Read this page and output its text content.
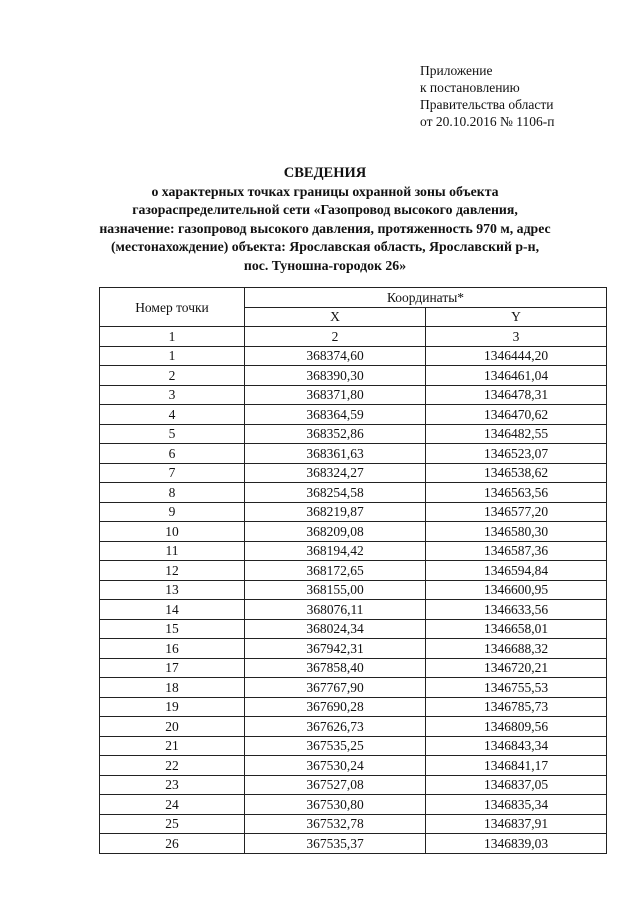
Приложение
к постановлению
Правительства области
от 20.10.2016 № 1106-п
СВЕДЕНИЯ
о характерных точках границы охранной зоны объекта
газораспределительной сети «Газопровод высокого давления,
назначение: газопровод высокого давления, протяженность 970 м, адрес
(местонахождение) объекта: Ярославская область, Ярославский р-н,
пос. Туношна-городок 26»
Номер точки	Координаты*	
	X	Y
1	2	3
1	368374,60	1346444,20
2	368390,30	1346461,04
3	368371,80	1346478,31
4	368364,59	1346470,62
5	368352,86	1346482,55
6	368361,63	1346523,07
7	368324,27	1346538,62
8	368254,58	1346563,56
9	368219,87	1346577,20
10	368209,08	1346580,30
11	368194,42	1346587,36
12	368172,65	1346594,84
13	368155,00	1346600,95
14	368076,11	1346633,56
15	368024,34	1346658,01
16	367942,31	1346688,32
17	367858,40	1346720,21
18	367767,90	1346755,53
19	367690,28	1346785,73
20	367626,73	1346809,56
21	367535,25	1346843,34
22	367530,24	1346841,17
23	367527,08	1346837,05
24	367530,80	1346835,34
25	367532,78	1346837,91
26	367535,37	1346839,03
